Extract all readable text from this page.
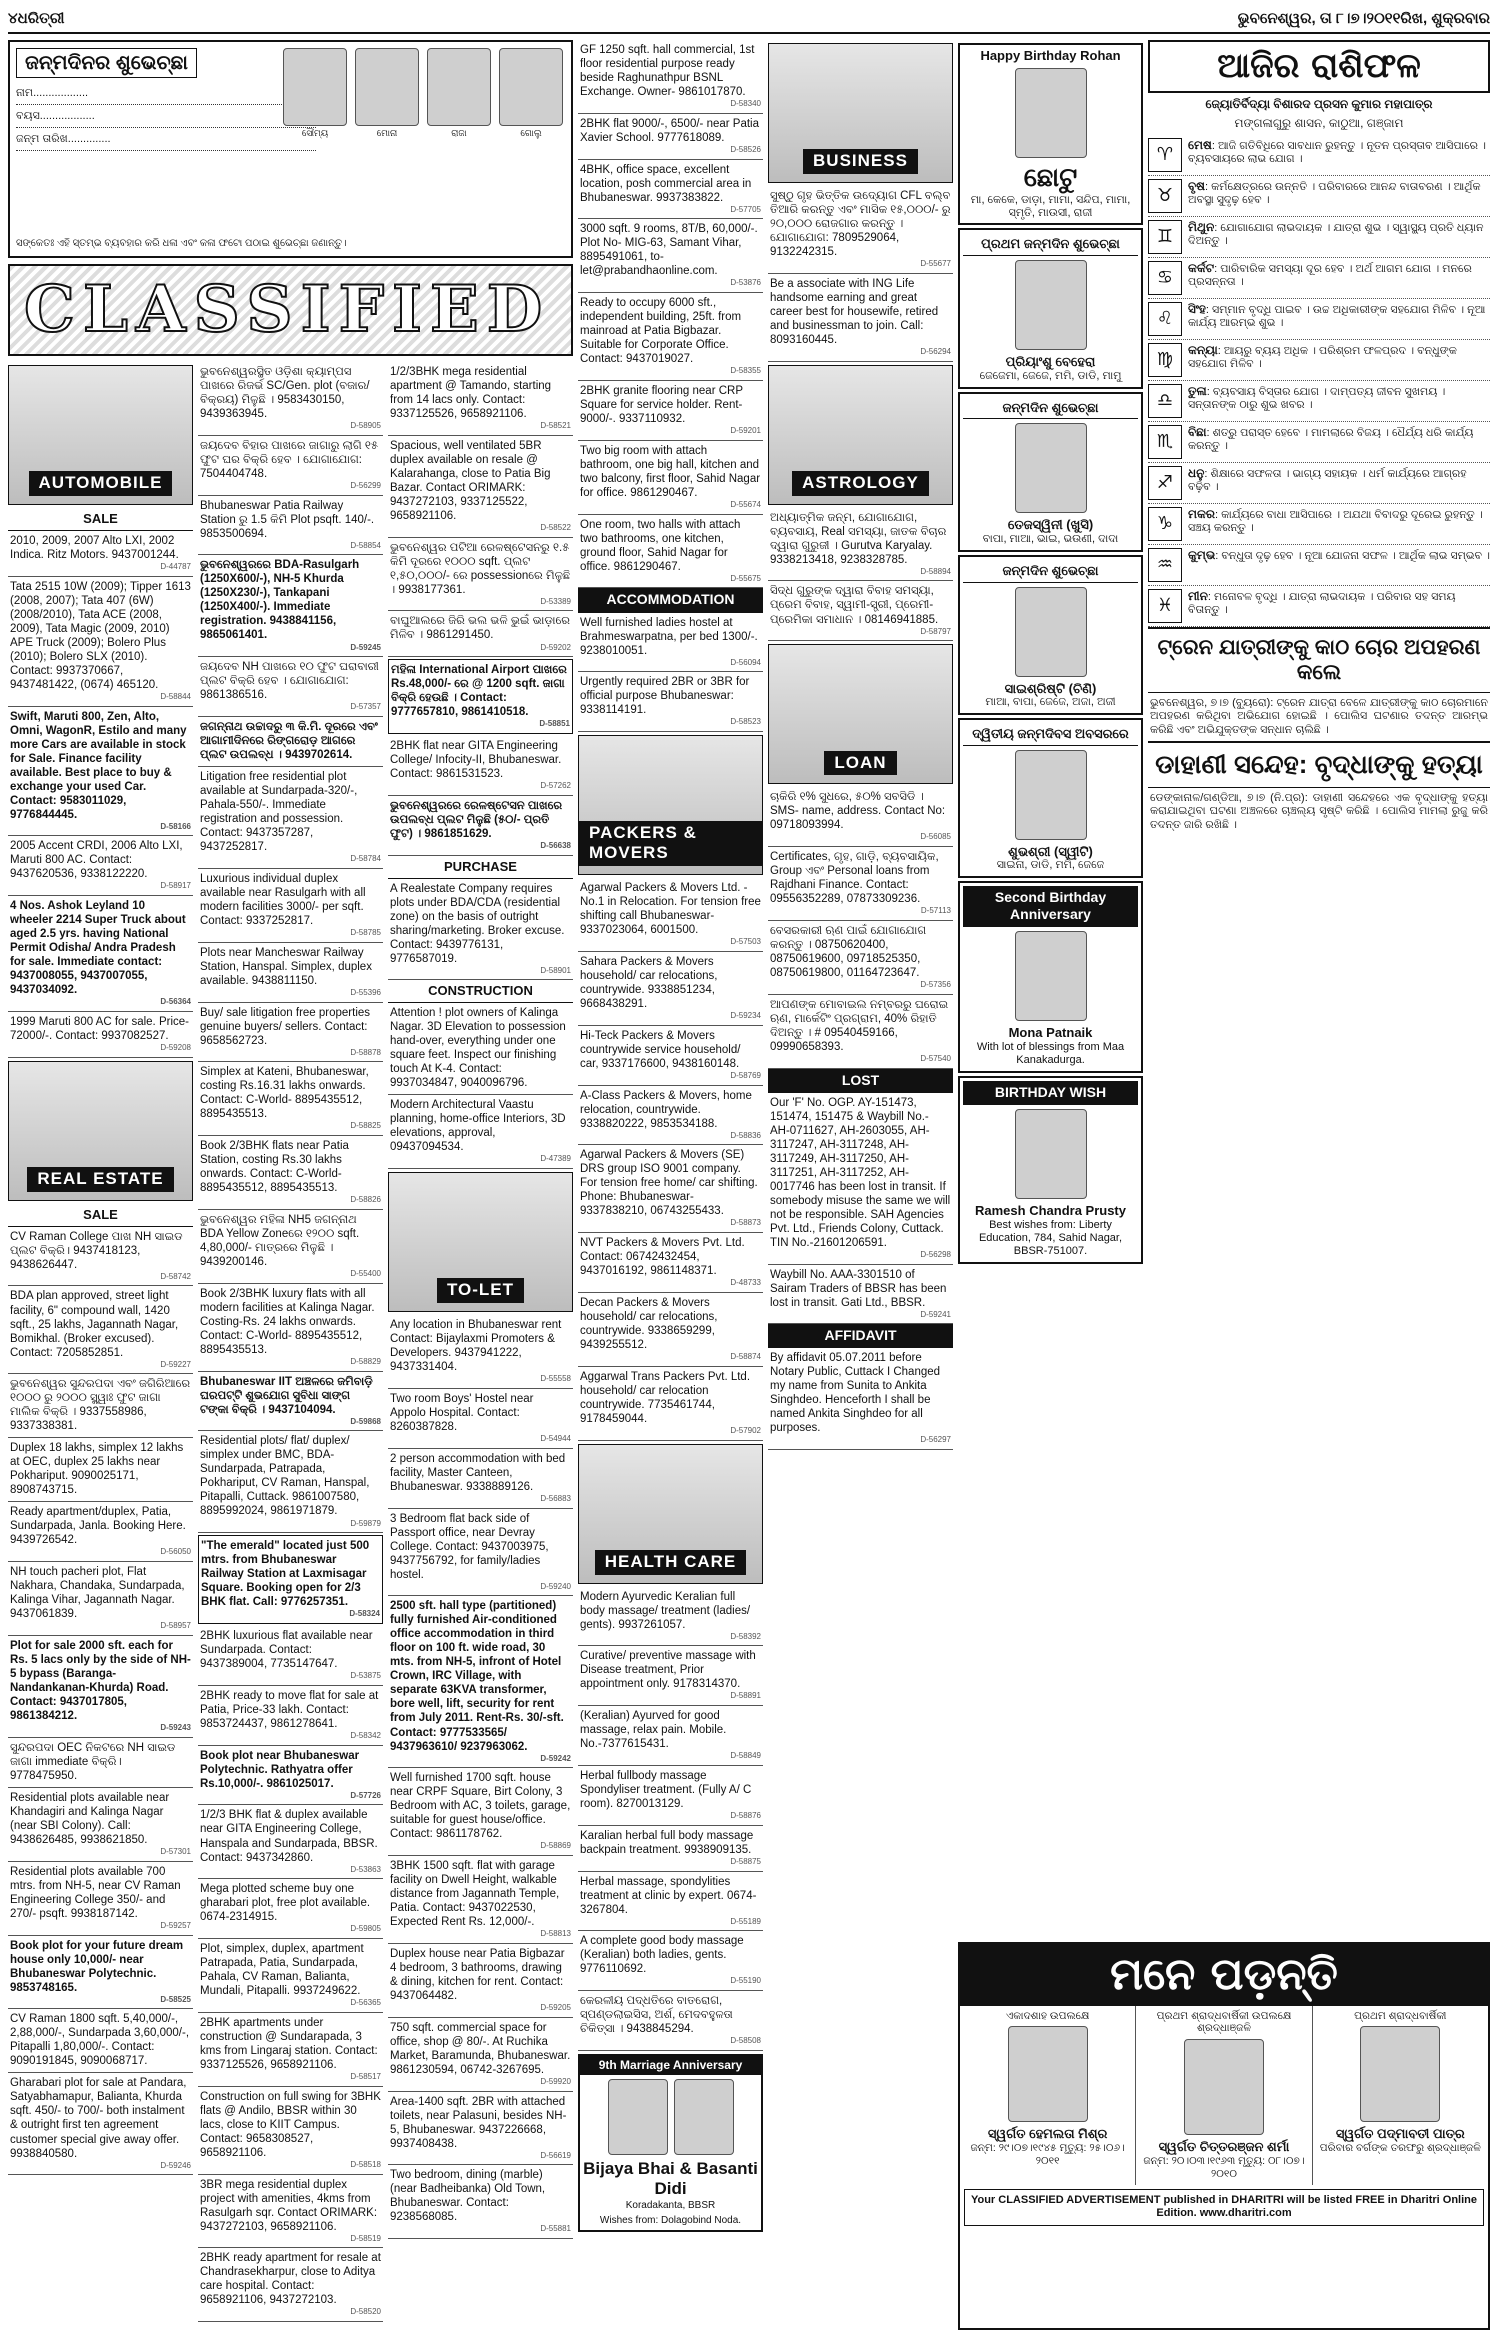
୪ଧରିତ୍ରୀ	ଭୁବନେଶ୍ୱର, ତା ୮।୭।୨୦୧୧ରିଖ, ଶୁକ୍ରବାର
ଜନ୍ମଦିନର ଶୁଭେଚ୍ଛା
ନାମ..................
ବୟସ..................
ଜନ୍ମ ତାରିଖ..............
ସୌମ୍ୟ	ମୋନା	ରାଜା	ଗୋଲୁ
ସଙ୍କେତଃ ଏହି ସ୍ତମ୍ଭ ବ୍ୟବହାର କରି ଧଳା ଏବଂ କଳା ଫଟୋ ପଠାଇ ଶୁଭେଚ୍ଛା ଜଣାନ୍ତୁ।
CLASSIFIED
AUTOMOBILE
SALE
2010, 2009, 2007 Alto LXI, 2002 Indica. Ritz Motors. 9437001244.
D-44787
Tata 2515 10W (2009); Tipper 1613 (2008, 2007); Tata 407 (6W) (2008/2010), Tata ACE (2008, 2009), Tata Magic (2009, 2010) APE Truck (2009); Bolero Plus (2010); Bolero SLX (2010). Contact: 9937370667, 9437481422, (0674) 465120.
D-58844
Swift, Maruti 800, Zen, Alto, Omni, WagonR, Estilo and many more Cars are available in stock for Sale. Finance facility available. Best place to buy & exchange your used Car. Contact: 9583011029, 9776844445.
D-58166
2005 Accent CRDI, 2006 Alto LXI, Maruti 800 AC. Contact: 9437620536, 9338122220.
D-58917
4 Nos. Ashok Leyland 10 wheeler 2214 Super Truck about aged 2.5 yrs. having National Permit Odisha/ Andra Pradesh for sale. Immediate contact: 9437008055, 9437007055, 9437034092.
D-56364
1999 Maruti 800 AC for sale. Price- 72000/-. Contact: 9937082527.
D-59208
REAL ESTATE
SALE
CV Raman College ପାଖ NH ସାଇଡ ପ୍ଲଟ ବିକ୍ରି। 9437418123, 9438626447.
D-58742
BDA plan approved, street light facility, 6" compound wall, 1420 sqft., 25 lakhs, Jagannath Nagar, Bomikhal. (Broker excused). Contact: 7205852851.
D-59227
ଭୁବନେଶ୍ୱର ସୁନ୍ଦରପଦା ଏବଂ ଜଗିରିଆରେ ୧୦୦୦ ରୁ ୨୦୦୦ ସ୍କ୍ୱାଃ ଫୁଟ ଜାଗା ମାଲିକ ବିକ୍ରି । 9337558986, 9337338381.
Duplex 18 lakhs, simplex 12 lakhs at OEC, duplex 25 lakhs near Pokhariput. 9090025171, 8908743715.
Ready apartment/duplex, Patia, Sundarpada, Janla. Booking Here. 9439726542.
D-56050
NH touch pacheri plot, Flat Nakhara, Chandaka, Sundarpada, Kalinga Vihar, Jagannath Nagar. 9437061839.
D-58957
Plot for sale 2000 sft. each for Rs. 5 lacs only by the side of NH-5 bypass (Baranga-Nandankanan-Khurda) Road. Contact: 9437017805, 9861384212.
D-59243
ସୁନ୍ଦରପଦା OEC ନିକଟରେ NH ସାଇଡ ଜାଗା immediate ବିକ୍ରି। 9778475950.
Residential plots available near Khandagiri and Kalinga Nagar (near SBI Colony). Call: 9438626485, 9938621850.
D-57301
Residential plots available 700 mtrs. from NH-5, near CV Raman Engineering College 350/- and 270/- psqft. 9938187142.
D-59257
Book plot for your future dream house only 10,000/- near Bhubaneswar Polytechnic. 9853748165.
D-58525
CV Raman 1800 sqft. 5,40,000/-, 2,88,000/-, Sundarpada 3,60,000/-, Pitapalli 1,80,000/-. Contact: 9090191845, 9090068717.
Gharabari plot for sale at Pandara, Satyabhamapur, Balianta, Khurda sqft. 450/- to 700/- both instalment & outright first ten agreement customer special give away offer. 9938840580.
D-59246
ଭୁବନେଶ୍ୱରସ୍ଥିତ ଓଡ଼ିଶା କ୍ୟାମ୍ପସ ପାଖରେ ରିଜର୍ଭ SC/Gen. plot (ବଜାର/ବିକ୍ରୟ) ମିଳୁଛି । 9583430150, 9439363945.
D-58905
ଜୟଦେବ ବିହାର ପାଖରେ ଜାଗାରୁ ଲାଗି ୧୫ ଫୁଟ ଘର ବିକ୍ରି ହେବ । ଯୋଗାଯୋଗ: 7504404748.
D-56299
Bhubaneswar Patia Railway Station ରୁ 1.5 କିମି Plot psqft. 140/-. 9853500694.
D-58854
ଭୁବନେଶ୍ୱରରେ BDA-Rasulgarh (1250X600/-), NH-5 Khurda (1250X230/-), Tankapani (1250X400/-). Immediate registration. 9438841156, 9865061401.
D-59245
ଜୟଦେବ NH ପାଖରେ ୧୦ ଫୁଟ ଘରାବାରୀ ପ୍ଲଟ ବିକ୍ରି ହେବ । ଯୋଗାଯୋଗ: 9861386516.
D-57357
ଜଗନ୍ନାଥ ଉଚ୍ଚାଦରୁ ୩ କି.ମି. ଦୂରରେ ଏବଂ ଆଗାମୀଦିନରେ ରିଙ୍ଗରୋଡ଼ ଆଗରେ ପ୍ଲଟ ଉପଲବ୍ଧ । 9439702614.
Litigation free residential plot available at Sundarpada-320/-, Pahala-550/-. Immediate registration and possession. Contact: 9437357287, 9437252817.
D-58784
Luxurious individual duplex available near Rasulgarh with all modern facilities 3000/- per sqft. Contact: 9337252817.
D-58785
Plots near Mancheswar Railway Station, Hanspal. Simplex, duplex available. 9438811150.
D-55396
Buy/ sale litigation free properties genuine buyers/ sellers. Contact: 9658562723.
D-58878
Simplex at Kateni, Bhubaneswar, costing Rs.16.31 lakhs onwards. Contact: C-World- 8895435512, 8895435513.
D-58825
Book 2/3BHK flats near Patia Station, costing Rs.30 lakhs onwards. Contact: C-World- 8895435512, 8895435513.
D-58826
ଭୁବନେଶ୍ୱର ମହିଳା NH5 ଜଗନ୍ନାଥ BDA Yellow Zoneରେ ୧୨୦୦ sqft. 4,80,000/- ମାତ୍ରରେ ମିଳୁଛି । 9439200146.
D-55400
Book 2/3BHK luxury flats with all modern facilities at Kalinga Nagar. Costing-Rs. 24 lakhs onwards. Contact: C-World- 8895435512, 8895435513.
D-58829
Bhubaneswar IIT ଅଞ୍ଚଳରେ ଜମିବାଡ଼ି ଘରପଟ୍ଟି ଶୁଭଯୋଗ ସୁବିଧା ସାଙ୍ଗ ଟଙ୍କା ବିକ୍ରି । 9437104094.
D-59868
Residential plots/ flat/ duplex/ simplex under BMC, BDA- Sundarpada, Patrapada, Pokhariput, CV Raman, Hanspal, Pitapalli, Cuttack. 9861007580, 8895992024, 9861971879.
D-59879
"The emerald" located just 500 mtrs. from Bhubaneswar Railway Station at Laxmisagar Square. Booking open for 2/3 BHK flat. Call: 9776257351.
D-58324
2BHK luxurious flat available near Sundarpada. Contact: 9437389004, 7735147647.
D-53875
2BHK ready to move flat for sale at Patia, Price-33 lakh. Contact: 9853724437, 9861278641.
D-58342
Book plot near Bhubaneswar Polytechnic. Rathyatra offer Rs.10,000/-. 9861025017.
D-57726
1/2/3 BHK flat & duplex available near GITA Engineering College, Hanspala and Sundarpada, BBSR. Contact: 9437342860.
D-53863
Mega plotted scheme buy one gharabari plot, free plot available. 0674-2314915.
D-59805
Plot, simplex, duplex, apartment Patrapada, Patia, Sundarpada, Pahala, CV Raman, Balianta, Mundali, Pitapalli. 9937249622.
D-56365
2BHK apartments under construction @ Sundarapada, 3 kms from Lingaraj station. Contact: 9337125526, 9658921106.
D-58517
Construction on full swing for 3BHK flats @ Andilo, BBSR within 30 lacs, close to KIIT Campus. Contact: 9658308527, 9658921106.
D-58518
3BR mega residential duplex project with amenities, 4kms from Rasulgarh sqr. Contact ORIMARK: 9437272103, 9658921106.
D-58519
2BHK ready apartment for resale at Chandrasekharpur, close to Aditya care hospital. Contact: 9658921106, 9437272103.
D-58520
1/2/3BHK mega residential apartment @ Tamando, starting from 14 lacs only. Contact: 9337125526, 9658921106.
D-58521
Spacious, well ventilated 5BR duplex available on resale @ Kalarahanga, close to Patia Big Bazar. Contact ORIMARK: 9437272103, 9337125522, 9658921106.
D-58522
ଭୁବନେଶ୍ୱର ପଟିଆ ରେଳଷ୍ଟେସନରୁ ୧.୫ କିମି ଦୂରରେ ୧୦୦୦ sqft. ପ୍ଲଟ ୧,୫୦,୦୦୦/- ରେ possessionରେ ମିଳୁଛି । 9938177361.
D-53389
ବାଘୁଆଲରେ ଜିରି ଭଲ ଭଳି ଭୁଇଁ ଭାଡ଼ାରେ ମିଳିବ । 9861291450.
D-59202
ମହିଳା International Airport ପାଖରେ Rs.48,000/- ରେ @ 1200 sqft. ଜାଗା ବିକ୍ରି ହେଉଛି । Contact: 9777657810, 9861410518.
D-58851
2BHK flat near GITA Engineering College/ Infocity-II, Bhubaneswar. Contact: 9861531523.
D-57262
ଭୁବନେଶ୍ୱରରେ ରେଳଷ୍ଟେସନ ପାଖରେ ଉପଲବ୍ଧ ପ୍ଲଟ ମିଳୁଛି (୫୦/- ପ୍ରତି ଫୁଟ) । 9861851629.
D-56638
PURCHASE
A Realestate Company requires plots under BDA/CDA (residential zone) on the basis of outright sharing/marketing. Broker excuse. Contact: 9439776131, 9776587019.
D-58901
CONSTRUCTION
Attention ! plot owners of Kalinga Nagar. 3D Elevation to possession hand-over, everything under one square feet. Inspect our finishing touch At K-4. Contact: 9937034847, 9040096796.
Modern Architectural Vaastu planning, home-office Interiors, 3D elevations, approval, 09437094534.
D-47389
TO-LET
Any location in Bhubaneswar rent Contact: Bijaylaxmi Promoters & Developers. 9437941222, 9437331404.
D-55558
Two room Boys' Hostel near Appolo Hospital. Contact: 8260387828.
D-54944
2 person accommodation with bed facility, Master Canteen, Bhubaneswar. 9338889126.
D-56883
3 Bedroom flat back side of Passport office, near Devray College. Contact: 9437003975, 9437756792, for family/ladies hostel.
D-59240
2500 sft. hall type (partitioned) fully furnished Air-conditioned office accommodation in third floor on 100 ft. wide road, 30 mts. from NH-5, infront of Hotel Crown, IRC Village, with separate 63KVA transformer, bore well, lift, security for rent from July 2011. Rent-Rs. 30/-sft. Contact: 9777533565/ 9437963610/ 9237963062.
D-59242
Well furnished 1700 sqft. house near CRPF Square, Birt Colony, 3 Bedroom with AC, 3 toilets, garage, suitable for guest house/office. Contact: 9861178762.
D-58869
3BHK 1500 sqft. flat with garage facility on Dwell Height, walkable distance from Jagannath Temple, Patia. Contact: 9437022530, Expected Rent Rs. 12,000/-.
D-58813
Duplex house near Patia Bigbazar 4 bedroom, 3 bathrooms, drawing & dining, kitchen for rent. Contact: 9437064482.
D-59205
750 sqft. commercial space for office, shop @ 80/-. At Ruchika Market, Baramunda, Bhubaneswar. 9861230594, 06742-3267695.
D-59920
Area-1400 sqft. 2BR with attached toilets, near Palasuni, besides NH-5, Bhubaneswar. 9437226668, 9937408438.
D-56619
Two bedroom, dining (marble) (near Badheibanka) Old Town, Bhubaneswar. Contact: 9238568085.
D-55881
GF 1250 sqft. hall commercial, 1st floor residential purpose ready beside Raghunathpur BSNL Exchange. Owner- 9861017870.
D-58340
2BHK flat 9000/-, 6500/- near Patia Xavier School. 9777618089.
D-58526
4BHK, office space, excellent location, posh commercial area in Bhubaneswar. 9937383822.
D-57705
3000 sqft. 9 rooms, 8T/B, 60,000/-. Plot No- MIG-63, Samant Vihar, 8895491061, to-let@prabandhaonline.com.
D-53876
Ready to occupy 6000 sft., independent building, 25ft. from mainroad at Patia Bigbazar. Suitable for Corporate Office. Contact: 9437019027.
D-58355
2BHK granite flooring near CRP Square for service holder. Rent- 9000/-. 9337110932.
D-59201
Two big room with attach bathroom, one big hall, kitchen and two balcony, first floor, Sahid Nagar for office. 9861290467.
D-55674
One room, two halls with attach two bathrooms, one kitchen, ground floor, Sahid Nagar for office. 9861290467.
D-55675
ACCOMMODATION
Well furnished ladies hostel at Brahmeswarpatna, per bed 1300/-. 9238010051.
D-56094
Urgently required 2BR or 3BR for official purpose Bhubaneswar: 9338114191.
D-58523
PACKERS & MOVERS
Agarwal Packers & Movers Ltd. - No.1 in Relocation. For tension free shifting call Bhubaneswar- 9337023064, 6001500.
D-57503
Sahara Packers & Movers household/ car relocations, countrywide. 9338851234, 9668438291.
D-59234
Hi-Teck Packers & Movers countrywide service household/ car, 9337176600, 9438160148.
D-58769
A-Class Packers & Movers, home relocation, countrywide. 9338820222, 9853534188.
D-58836
Agarwal Packers & Movers (SE) DRS group ISO 9001 company. For tension free home/ car shifting. Phone: Bhubaneswar- 9337838210, 06743255433.
D-58873
NVT Packers & Movers Pvt. Ltd. Contact: 06742432454, 9437016192, 9861148371.
D-48733
Decan Packers & Movers household/ car relocations, countrywide. 9338659299, 9439255512.
D-58874
Aggarwal Trans Packers Pvt. Ltd. household/ car relocation countrywide. 7735461744, 9178459044.
D-57902
HEALTH CARE
Modern Ayurvedic Keralian full body massage/ treatment (ladies/ gents). 9937261057.
D-58392
Curative/ preventive massage with Disease treatment, Prior appointment only. 9178314370.
D-58891
(Keralian) Ayurved for good massage, relax pain. Mobile. No.-7377615431.
D-58849
Herbal fullbody massage Spondyliser treatment. (Fully A/ C room). 8270013129.
D-58876
Karalian herbal full body massage backpain treatment. 9938909135.
D-58875
Herbal massage, spondylities treatment at clinic by expert. 0674-3267804.
D-55189
A complete good body massage (Keralian) both ladies, gents. 9776110692.
D-55190
କେରଳୀୟ ପଦ୍ଧତିରେ ବାତରୋଗ, ସ୍ପଣ୍ଡଲାଇସିସ, ଅର୍ଶ, ମେଦବହୁଳତା ଚିକିତ୍ସା । 9438845294.
D-58508
9th Marriage Anniversary
Bijaya Bhai & Basanti Didi
Koradakanta, BBSR
Wishes from: Dolagobind Noda.
BUSINESS
ସୁଷ୍ଠୁ ଗୃହ ଭିତ୍ତିକ ଉଦ୍ୟୋଗ CFL ବଲ୍ବ ତିଆରି କରନ୍ତୁ ଏବଂ ମାସିକ ୧୫,୦୦୦/- ରୁ ୨୦,୦୦୦ ରୋଜଗାର କରନ୍ତୁ । ଯୋଗାଯୋଗ: 7809529064, 9132242315.
D-55677
Be a associate with ING Life handsome earning and great career best for housewife, retired and businessman to join. Call: 8093160445.
D-56294
ASTROLOGY
ଅଧ୍ୟାତ୍ମିକ ଜନ୍ମ, ଯୋଗାଯୋଗ, ବ୍ୟବସାୟ, Real ସମସ୍ୟା, ଜାତକ ବିଚାର ଦ୍ୱାରା ଗୁରୁଜୀ । Gurutva Karyalay. 9338213418, 9238328785.
D-58894
ସିଦ୍ଧ ଗୁରୁଙ୍କ ଦ୍ୱାରା ବିବାହ ସମସ୍ୟା, ପ୍ରେମ ବିବାହ, ସ୍ୱାମୀ-ସ୍ତ୍ରୀ, ପ୍ରେମୀ-ପ୍ରେମିକା ସମାଧାନ । 08146941885.
D-58797
LOAN
ଚାକିରି ୧% ସୁଧରେ, ୫୦% ସବସିଡି । SMS- name, address. Contact No: 09718093994.
D-56085
Certificates, ଗୃହ, ଗାଡ଼ି, ବ୍ୟବସାୟିକ, Group ଏବଂ Personal loans from Rajdhani Finance. Contact: 09556352289, 07873309236.
D-57113
ବେସରକାରୀ ଋଣ ପାଇଁ ଯୋଗାଯୋଗ କରନ୍ତୁ । 08750620400, 08750619600, 09718525350, 08750619800, 01164723647.
D-57356
ଆପଣଙ୍କ ମୋବାଇଲ ନମ୍ବରରୁ ଘରୋଇ ଋଣ, ମାର୍କେଟିଂ ପ୍ରଗ୍ରାମ, 40% ରିହାତି ଦିଅନ୍ତୁ । # 09540459166, 09990658393.
D-57540
LOST
Our 'F' No. OGP. AY-151473, 151474, 151475 & Waybill No.- AH-0711627, AH-2603055, AH-3117247, AH-3117248, AH-3117249, AH-3117250, AH-3117251, AH-3117252, AH-0017746 has been lost in transit. If somebody misuse the same we will not be responsible. SAH Agencies Pvt. Ltd., Friends Colony, Cuttack. TIN No.-21601206591.
D-56298
Waybill No. AAA-3301510 of Sairam Traders of BBSR has been lost in transit. Gati Ltd., BBSR.
D-59241
AFFIDAVIT
By affidavit 05.07.2011 before Notary Public, Cuttack I Changed my name from Sunita to Ankita Singhdeo. Henceforth I shall be named Ankita Singhdeo for all purposes.
D-56297
Happy Birthday Rohan
ଛୋଟୁ
ମା, କେକେ, ଡାଡ଼ା, ମାମା, ସନ୍ଦିପ, ମାମା, ସ୍ମୃତି, ମାଉସୀ, ରାଜୀ
ପ୍ରଥମ ଜନ୍ମଦିନ ଶୁଭେଚ୍ଛା
ପ୍ରିୟାଂଶୁ ବେହେରା
ଜେଜେମା, ଜେଜେ, ମମି, ଡାଡି, ମାମୁ
ଜନ୍ମଦିନ ଶୁଭେଚ୍ଛା
ତେଜସ୍ୱିନୀ (ଖୁସି)
ବାପା, ମାଆ, ଭାଇ, ଭଉଣୀ, ଦାଦା
ଜନ୍ମଦିନ ଶୁଭେଚ୍ଛା
ସାଇଶ୍ରିଷ୍ଟି (ଚିଣି)
ମାଆ, ବାପା, ଜେଜେ, ଅଜା, ଅଜୀ
ଦ୍ୱିତୀୟ ଜନ୍ମଦିବସ ଅବସରରେ
ଶୁଭଶ୍ରୀ (ସ୍ୱୀଟି)
ସାଇନା, ଡାଡି, ମମି, ଜେଜେ
Second Birthday Anniversary
Mona Patnaik
With lot of blessings from Maa Kanakadurga.
BIRTHDAY WISH
Ramesh Chandra Prusty
Best wishes from: Liberty Education, 784, Sahid Nagar, BBSR-751007.
ଆଜିର ରାଶିଫଳ
ଜ୍ୟୋତିର୍ବିଦ୍ୟା ବିଶାରଦ ପ୍ରସନ କୁମାର ମହାପାତ୍ର
ମଙ୍ଗଳାଗୁରୁ ଶାସନ, କାଠୁଆ, ଗଞ୍ଜାମ
♈	ମେଷ: ଆଜି ଗତିବିଧିରେ ସାବଧାନ ରୁହନ୍ତୁ । ନୂତନ ପ୍ରସ୍ତାବ ଆସିପାରେ । ବ୍ୟବସାୟରେ ଲାଭ ଯୋଗ ।
♉	ବୃଷ: କର୍ମକ୍ଷେତ୍ରରେ ଉନ୍ନତି । ପରିବାରରେ ଆନନ୍ଦ ବାତାବରଣ । ଆର୍ଥିକ ଅବସ୍ଥା ସୁଦୃଢ଼ ହେବ ।
♊	ମିଥୁନ: ଯୋଗାଯୋଗ ଲାଭଦାୟକ । ଯାତ୍ରା ଶୁଭ । ସ୍ୱାସ୍ଥ୍ୟ ପ୍ରତି ଧ୍ୟାନ ଦିଅନ୍ତୁ ।
♋	କର୍କଟ: ପାରିବାରିକ ସମସ୍ୟା ଦୂର ହେବ । ଅର୍ଥ ଆଗମ ଯୋଗ । ମନରେ ପ୍ରସନ୍ନତା ।
♌	ସିଂହ: ସମ୍ମାନ ବୃଦ୍ଧି ପାଇବ । ଉଚ୍ଚ ଅଧିକାରୀଙ୍କ ସହଯୋଗ ମିଳିବ । ନୂଆ କାର୍ଯ୍ୟ ଆରମ୍ଭ ଶୁଭ ।
♍	କନ୍ୟା: ଆୟରୁ ବ୍ୟୟ ଅଧିକ । ପରିଶ୍ରମ ଫଳପ୍ରଦ । ବନ୍ଧୁଙ୍କ ସହଯୋଗ ମିଳିବ ।
♎	ତୁଳା: ବ୍ୟବସାୟ ବିସ୍ତାର ଯୋଗ । ଦାମ୍ପତ୍ୟ ଜୀବନ ସୁଖମୟ । ସନ୍ତାନଙ୍କ ଠାରୁ ଶୁଭ ଖବର ।
♏	ବିଛା: ଶତ୍ରୁ ପରାସ୍ତ ହେବେ । ମାମଲାରେ ବିଜୟ । ଧୈର୍ଯ୍ୟ ଧରି କାର୍ଯ୍ୟ କରନ୍ତୁ ।
♐	ଧନୁ: ଶିକ୍ଷାରେ ସଫଳତା । ଭାଗ୍ୟ ସହାୟକ । ଧର୍ମ କାର୍ଯ୍ୟରେ ଆଗ୍ରହ ବଢ଼ିବ ।
♑	ମକର: କାର୍ଯ୍ୟରେ ବାଧା ଆସିପାରେ । ଅଯଥା ବିବାଦରୁ ଦୂରେଇ ରୁହନ୍ତୁ । ସଞ୍ଚୟ କରନ୍ତୁ ।
♒	କୁମ୍ଭ: ବନ୍ଧୁତା ଦୃଢ଼ ହେବ । ନୂଆ ଯୋଜନା ସଫଳ । ଆର୍ଥିକ ଲାଭ ସମ୍ଭବ ।
♓	ମୀନ: ମନୋବଳ ବୃଦ୍ଧି । ଯାତ୍ରା ଲାଭଦାୟକ । ପରିବାର ସହ ସମୟ ବିତାନ୍ତୁ ।
ଟ୍ରେନ ଯାତ୍ରୀଙ୍କୁ କାଠ ଚୋର ଅପହରଣ କଲେ
ଭୁବନେଶ୍ୱର, ୭।୭ (ବ୍ୟୁରୋ): ଟ୍ରେନ ଯାତ୍ରା ବେଳେ ଯାତ୍ରୀଙ୍କୁ କାଠ ଚୋରମାନେ ଅପହରଣ କରିଥିବା ଅଭିଯୋଗ ହୋଇଛି । ପୋଲିସ ଘଟଣାର ତଦନ୍ତ ଆରମ୍ଭ କରିଛି ଏବଂ ଅଭିଯୁକ୍ତଙ୍କ ସନ୍ଧାନ ଚାଲିଛି ।
ଡାହାଣୀ ସନ୍ଦେହ: ବୃଦ୍ଧାଙ୍କୁ ହତ୍ୟା
ଡେଙ୍କାନାଳ/ଗଣ୍ଡିଆ, ୭।୭ (ନି.ପ୍ର): ଡାହାଣୀ ସନ୍ଦେହରେ ଏକ ବୃଦ୍ଧାଙ୍କୁ ହତ୍ୟା କରାଯାଇଥିବା ଘଟଣା ଅଞ୍ଚଳରେ ଚାଞ୍ଚଲ୍ୟ ସୃଷ୍ଟି କରିଛି । ପୋଲିସ ମାମଲା ରୁଜୁ କରି ତଦନ୍ତ ଜାରି ରଖିଛି ।
ମନେ ପଡ଼ନ୍ତି
ଏକାଦଶାହ ଉପଲକ୍ଷେ
ସ୍ୱର୍ଗତ ହେମଲତା ମିଶ୍ର
ଜନ୍ମ: ୨୯।୦୭।୧୯୪୫ ମୃତ୍ୟୁ: ୨୫।୦୬।୨୦୧୧
ପ୍ରଥମ ଶ୍ରାଦ୍ଧବାର୍ଷିକୀ ଉପଲକ୍ଷେ ଶ୍ରଦ୍ଧାଞ୍ଜଳି
ସ୍ୱର୍ଗତ ଚିତ୍ତରଞ୍ଜନ ଶର୍ମା
ଜନ୍ମ: ୨୦।୦୩।୧୯୬୩ ମୃତ୍ୟୁ: ୦୮।୦୭।୨୦୧୦
ପ୍ରଥମ ଶ୍ରାଦ୍ଧବାର୍ଷିକୀ
ସ୍ୱର୍ଗତ ପଦ୍ମାବତୀ ପାତ୍ର
ପରିବାର ବର୍ଗଙ୍କ ତରଫରୁ ଶ୍ରଦ୍ଧାଞ୍ଜଳି
Your CLASSIFIED ADVERTISEMENT published in DHARITRI will be listed FREE in Dharitri Online Edition. www.dharitri.com
